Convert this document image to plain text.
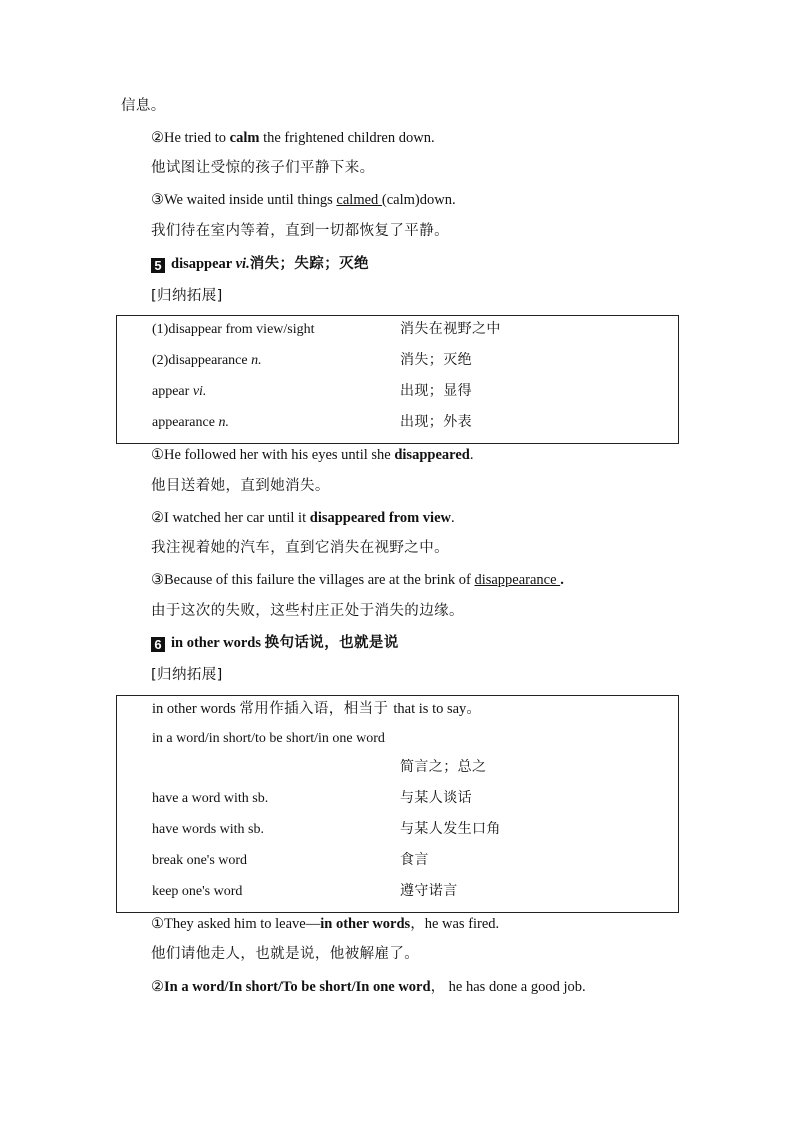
信息。
②He tried to calm the frightened children down.
他试图让受惊的孩子们平静下来。
③We waited inside until things calmed (calm)down.
我们待在室内等着，直到一切都恢复了平静。
5 disappear vi.消失；失踪；灭绝
[归纳拓展]
(1)disappear from view/sight	消失在视野之中
(2)disappearance n.	消失；灭绝
appear vi.	出现；显得
appearance n.	出现；外表
①He followed her with his eyes until she disappeared.
他目送着她，直到她消失。
②I watched her car until it disappeared from view.
我注视着她的汽车，直到它消失在视野之中。
③Because of this failure the villages are at the brink of disappearance .
由于这次的失败，这些村庄正处于消失的边缘。
6 in other words 换句话说，也就是说
[归纳拓展]
in other words 常用作插入语，相当于 that is to say。
in a word/in short/to be short/in one word
简言之；总之
have a word with sb.	与某人谈话
have words with sb.	与某人发生口角
break one's word	食言
keep one's word	遵守诺言
①They asked him to leave—in other words，he was fired.
他们请他走人，也就是说，他被解雇了。
②In a word/In short/To be short/In one word， he has done a good job.
